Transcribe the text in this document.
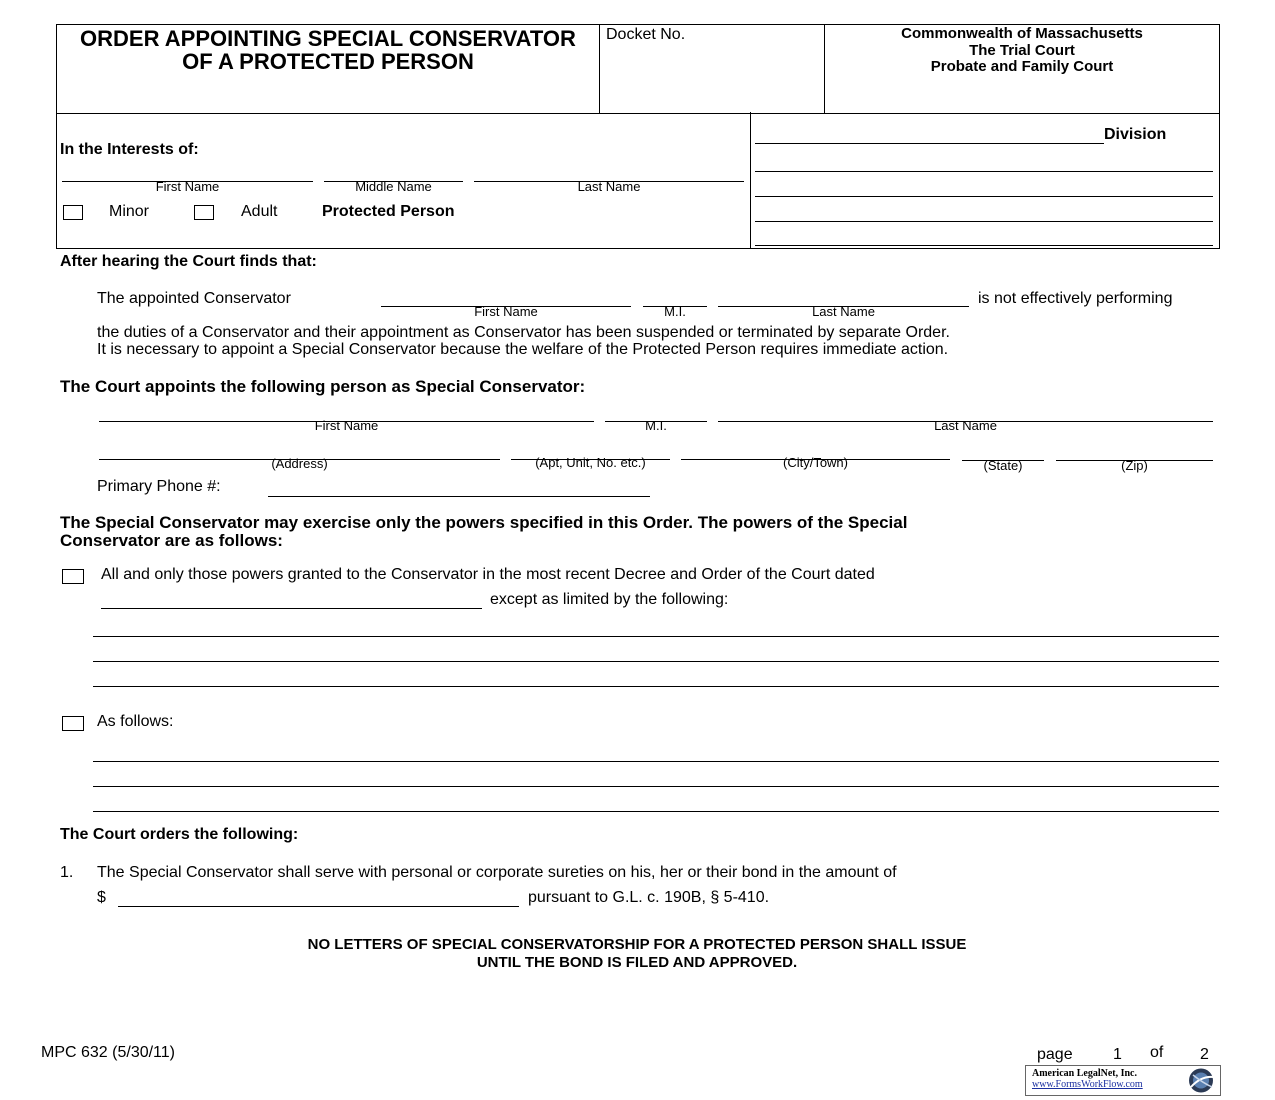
ORDER APPOINTING SPECIAL CONSERVATOR OF A PROTECTED PERSON
Docket No.	Commonwealth of Massachusetts
The Trial Court
Probate and Family Court
In the Interests of:
First Name	Middle Name	Last Name
Minor	Adult	Protected Person
Division
After hearing the Court finds that:
The appointed Conservator
First Name	M.I.	Last Name
is not effectively performing
the duties of a Conservator and their appointment as Conservator has been suspended or terminated by separate Order.
It is necessary to appoint a Special Conservator because the welfare of the Protected Person requires immediate action.
The Court appoints the following person as Special Conservator:
First Name	M.I.	Last Name
(Address)	(Apt, Unit, No. etc.)	(City/Town)	(State)	(Zip)
Primary Phone #:
The Special Conservator may exercise only the powers specified in this Order. The powers of the Special
Conservator are as follows:
All and only those powers granted to the Conservator in the most recent Decree and Order of the Court dated
except as limited by the following:
As follows:
The Court orders the following:
1. The Special Conservator shall serve with personal or corporate sureties on his, her or their bond in the amount of
$	pursuant to G.L. c. 190B, § 5-410.
NO LETTERS OF SPECIAL CONSERVATORSHIP FOR A PROTECTED PERSON SHALL ISSUE
UNTIL THE BOND IS FILED AND APPROVED.
MPC 632 (5/30/11)	page	1 of 2
American LegalNet, Inc.
www.FormsWorkFlow.com
